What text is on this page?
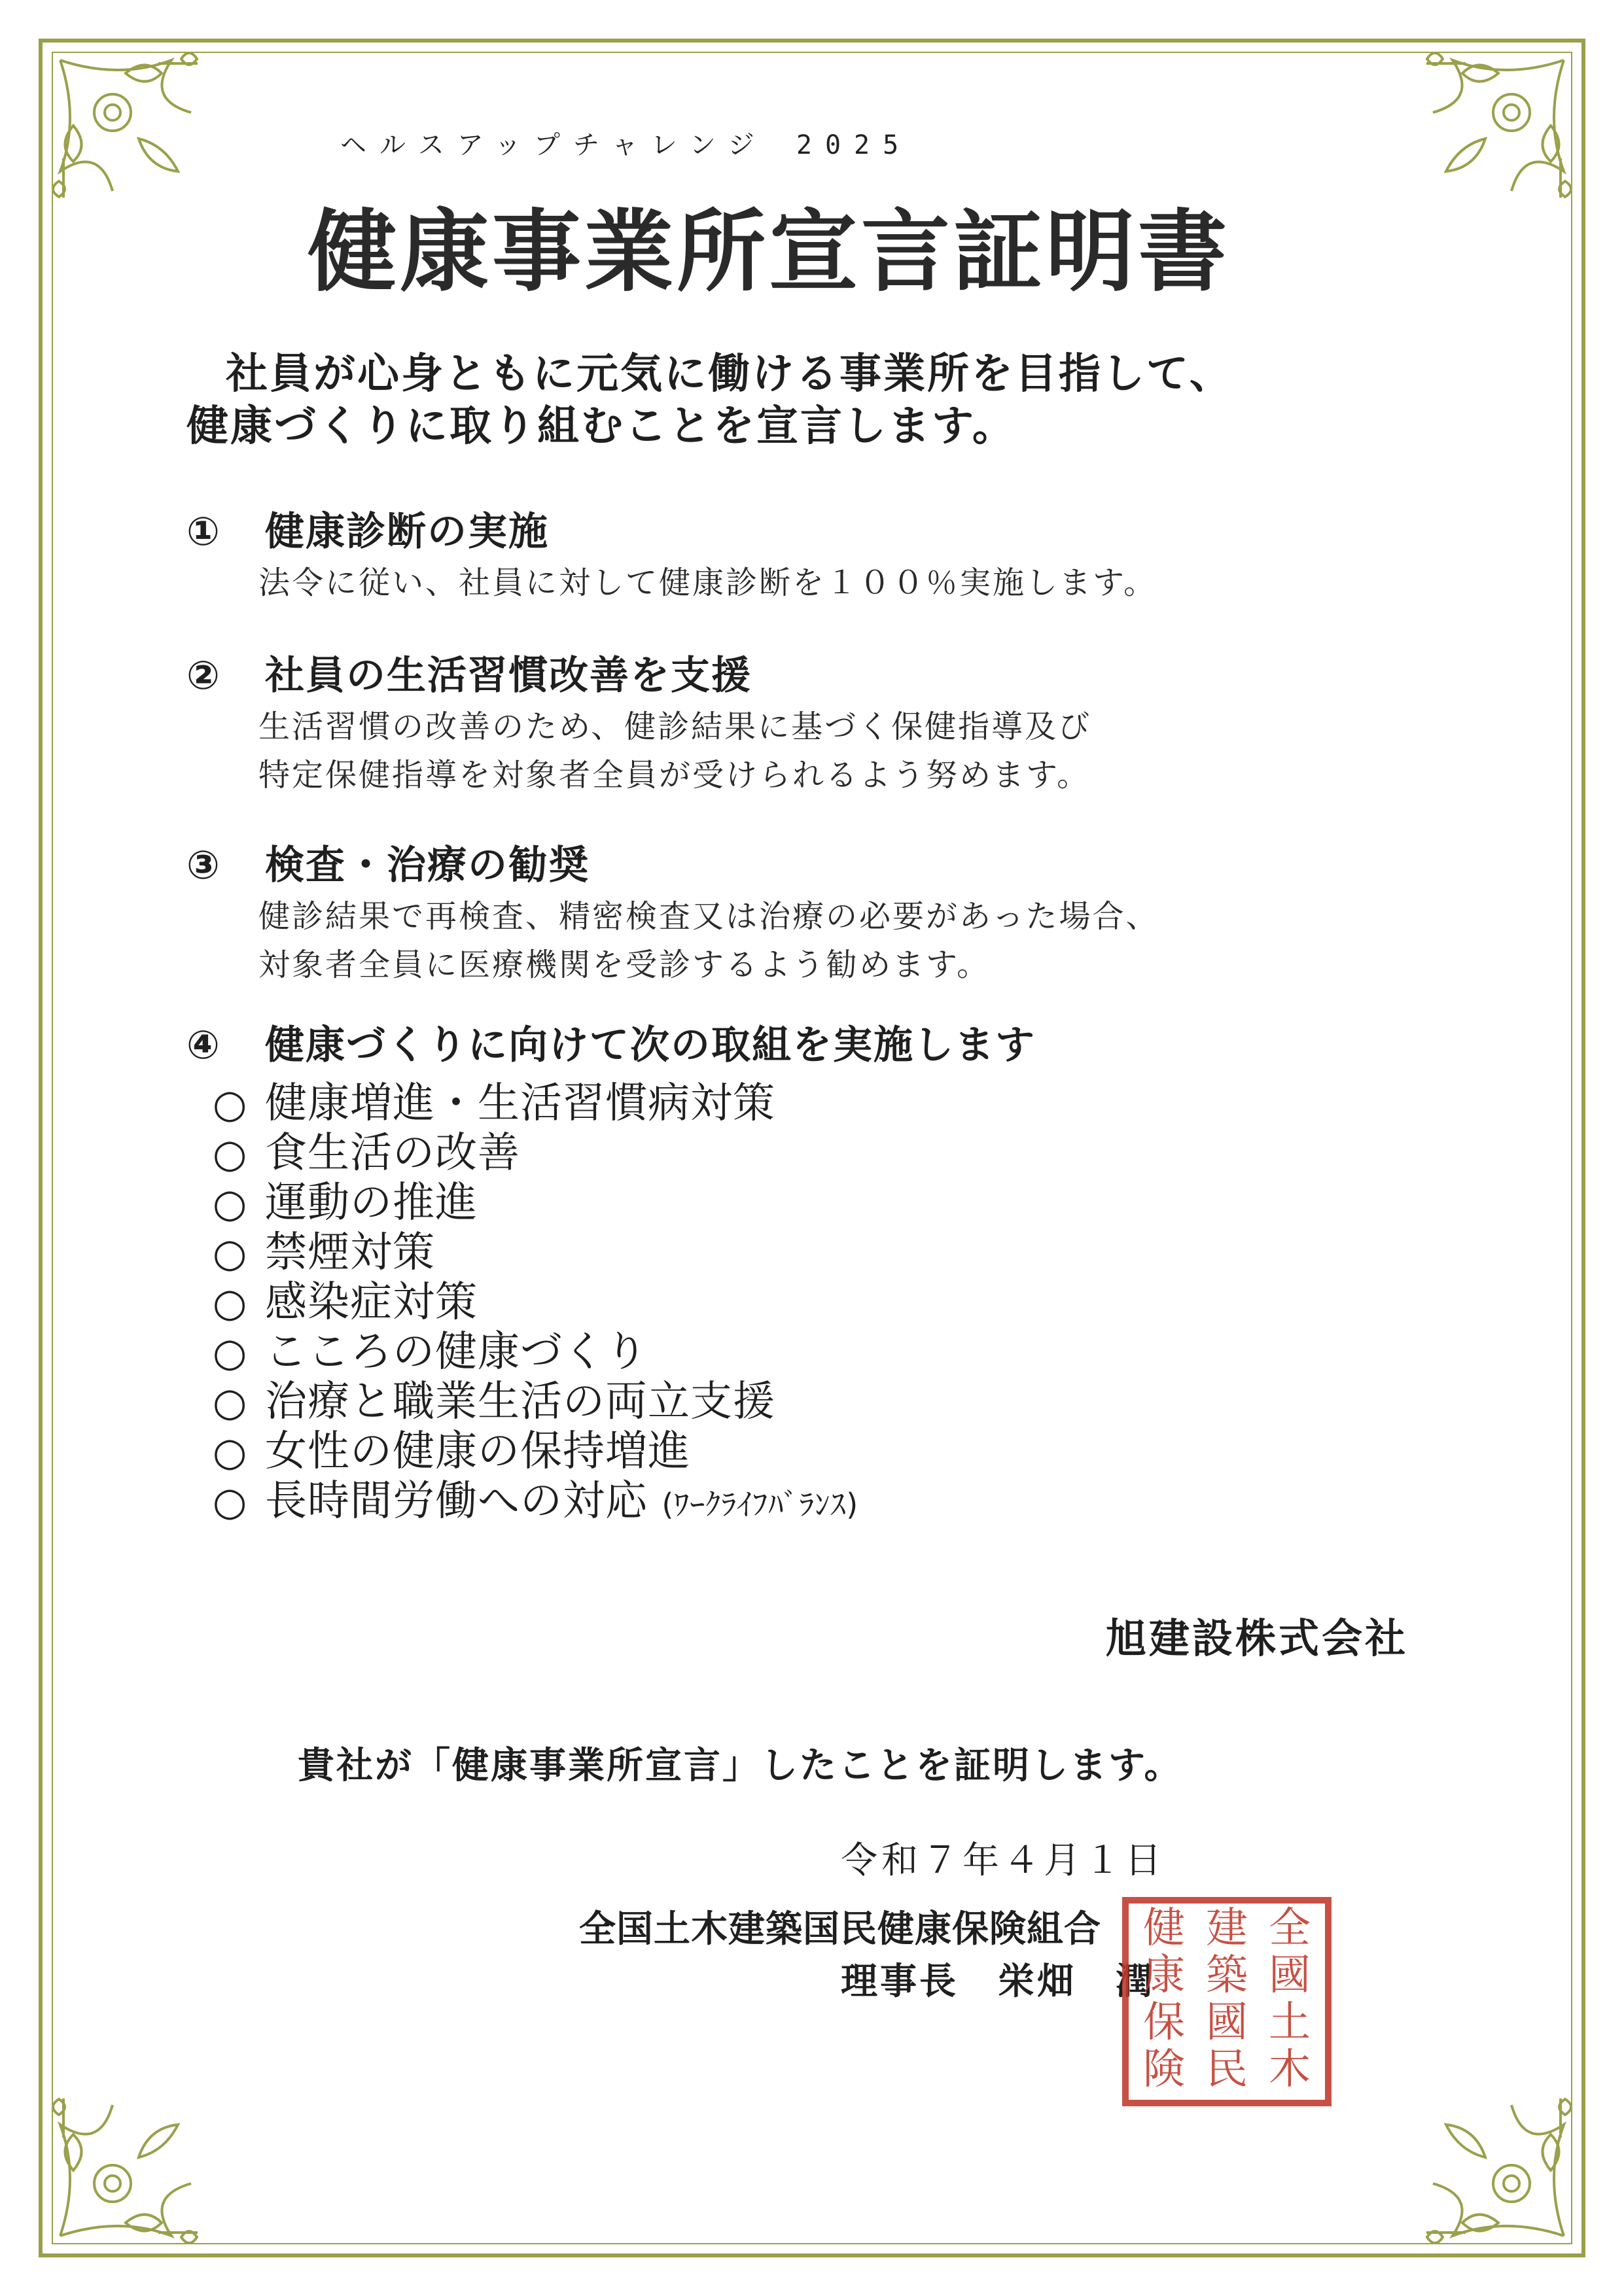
ヘルスアップチャレンジ 2025
健康事業所宣言証明書
社員が心身ともに元気に働ける事業所を目指して、
健康づくりに取り組むことを宣言します。
① 健康診断の実施
法令に従い、社員に対して健康診断を１００％実施します。
② 社員の生活習慣改善を支援
生活習慣の改善のため、健診結果に基づく保健指導及び
特定保健指導を対象者全員が受けられるよう努めます。
③ 検査・治療の勧奨
健診結果で再検査、精密検査又は治療の必要があった場合、
対象者全員に医療機関を受診するよう勧めます。
④ 健康づくりに向けて次の取組を実施します
○ 健康増進・生活習慣病対策
○ 食生活の改善
○ 運動の推進
○ 禁煙対策
○ 感染症対策
○ こころの健康づくり
○ 治療と職業生活の両立支援
○ 女性の健康の保持増進
○ 長時間労働への対応 (ﾜｰｸﾗｲﾌﾊﾞﾗﾝｽ)
旭建設株式会社
貴社が「健康事業所宣言」したことを証明します。
令和７年４月１日
全国土木建築国民健康保険組合
理事長　栄畑　潤
全
國
土
木
建
築
國
民
健
康
保
険
